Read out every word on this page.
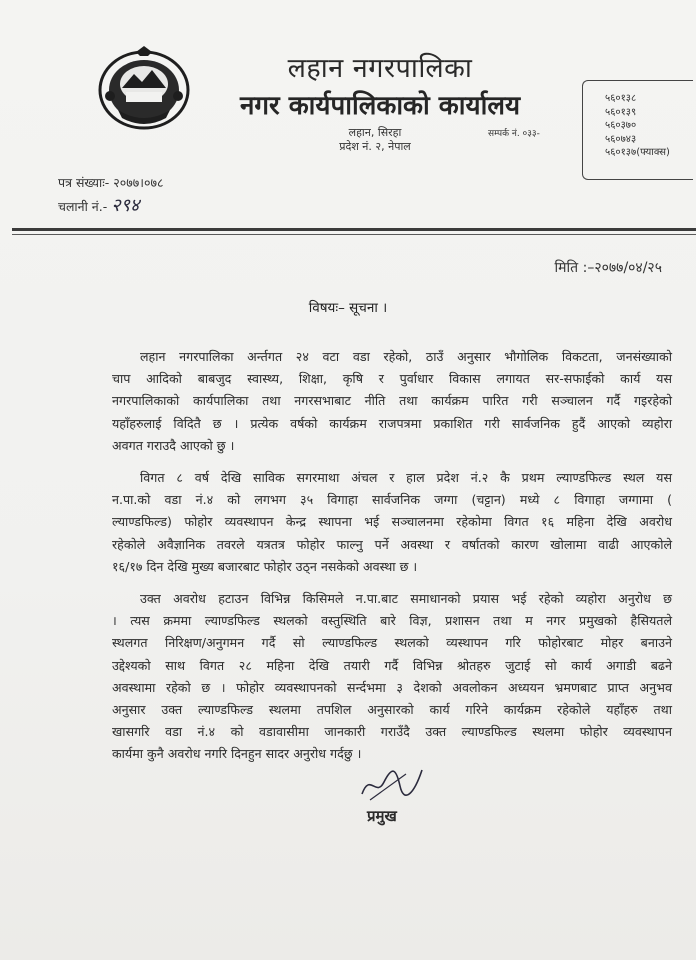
लहान नगरपालिका
नगर कार्यपालिकाको कार्यालय
लहान, सिरहा
प्रदेश नं. २, नेपाल
सम्पर्क नं. ०३३-
५६०१३८
५६०१३९
५६०३७०
५६०७४३
५६०१३७(फ्याक्स)
पत्र संख्याः- २०७७।०७८
चलानी नं.- २९४
मिति :–२०७७/०४/२५
विषयः– सूचना ।

लहान नगरपालिका अर्न्तगत २४ वटा वडा रहेको, ठाउँ अनुसार भौगोलिक विकटता, जनसंख्याको
चाप आदिको बाबजुद स्वास्थ्य, शिक्षा, कृषि र पुर्वाधार विकास लगायत सर-सफाईको कार्य यस
नगरपालिकाको कार्यपालिका तथा नगरसभाबाट नीति तथा कार्यक्रम पारित गरी सञ्चालन गर्दै गइरहेको
यहाँहरुलाई विदितै छ । प्रत्येक वर्षको कार्यक्रम राजपत्रमा प्रकाशित गरी सार्वजनिक हुदैं आएको व्यहोरा
अवगत गराउदै आएको छु ।

विगत ८ वर्ष देखि साविक सगरमाथा अंचल र हाल प्रदेश नं.२ कै प्रथम ल्याण्डफिल्ड स्थल यस
न.पा.को वडा नं.४ को लगभग ३५ विगाहा सार्वजनिक जग्गा (चट्टान) मध्ये ८ विगाहा जग्गामा (
ल्याण्डफिल्ड) फोहोर व्यवस्थापन केन्द्र स्थापना भई सञ्चालनमा रहेकोमा विगत १६ महिना देखि अवरोध
रहेकोले अवैज्ञानिक तवरले यत्रतत्र फोहोर फाल्नु पर्ने अवस्था र वर्षातको कारण खोलामा वाढी आएकोले
१६/१७ दिन देखि मुख्य बजारबाट फोहोर उठ्न नसकेको अवस्था छ ।

उक्त अवरोध हटाउन विभिन्न किसिमले न.पा.बाट समाधानको प्रयास भई रहेको व्यहोरा अनुरोध छ
। त्यस क्रममा ल्याण्डफिल्ड स्थलको वस्तुस्थिति बारे विज्ञ, प्रशासन तथा म नगर प्रमुखको हैसियतले
स्थलगत निरिक्षण/अनुगमन गर्दै सो ल्याण्डफिल्ड स्थलको व्यस्थापन गरि फोहोरबाट मोहर बनाउने
उद्देश्यको साथ विगत २८ महिना देखि तयारी गर्दै विभिन्न श्रोतहरु जुटाई सो कार्य अगाडी बढने
अवस्थामा रहेको छ । फोहोर व्यवस्थापनको सर्न्दभमा ३ देशको अवलोकन अध्ययन भ्रमणबाट प्राप्त अनुभव
अनुसार उक्त ल्याण्डफिल्ड स्थलमा तपशिल अनुसारको कार्य गरिने कार्यक्रम रहेकोले यहाँहरु तथा
खासगरि वडा नं.४ को वडावासीमा जानकारी गराउँदै उक्त ल्याण्डफिल्ड स्थलमा फोहोर व्यवस्थापन
कार्यमा कुनै अवरोध नगरि दिनहुन सादर अनुरोध गर्दछु ।

प्रमुख
